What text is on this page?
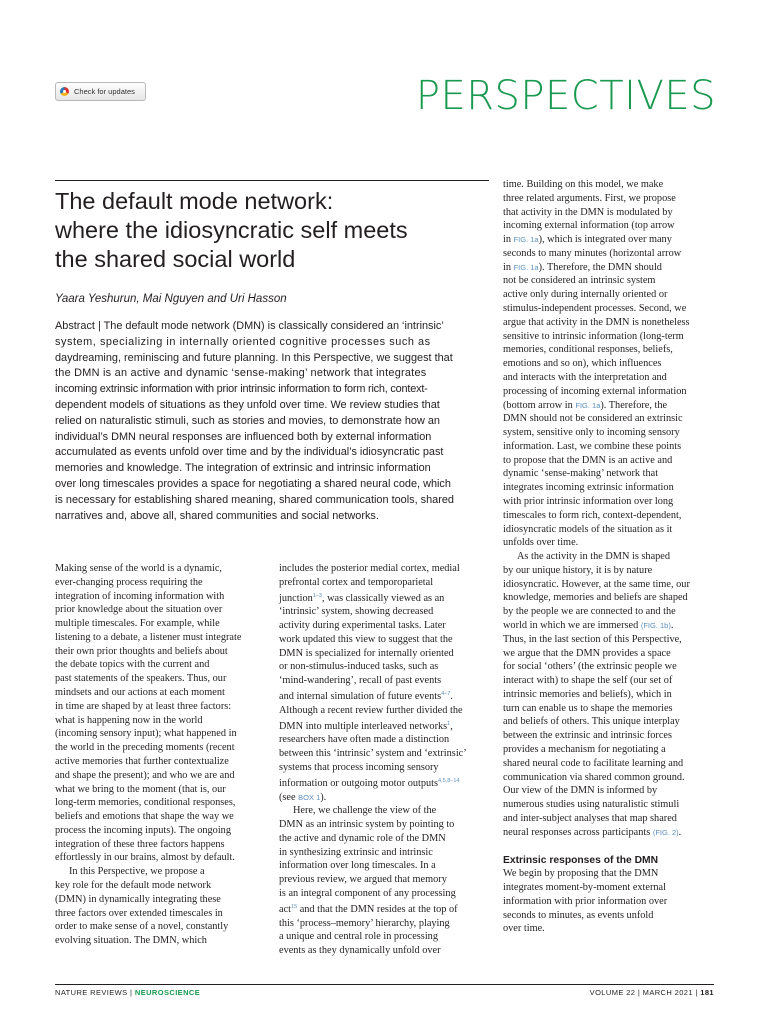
Check for updates	PERSPECTIVES
The default mode network:
where the idiosyncratic self meets
the shared social world
Yaara Yeshurun, Mai Nguyen and Uri Hasson
Abstract | The default mode network (DMN) is classically considered an ‘intrinsic’
system, specializing in internally oriented cognitive processes such as
daydreaming, reminiscing and future planning. In this Perspective, we suggest that
the DMN is an active and dynamic ‘sense-making’ network that integrates
incoming extrinsic information with prior intrinsic information to form rich, context-
dependent models of situations as they unfold over time. We review studies that
relied on naturalistic stimuli, such as stories and movies, to demonstrate how an
individual’s DMN neural responses are influenced both by external information
accumulated as events unfold over time and by the individual’s idiosyncratic past
memories and knowledge. The integration of extrinsic and intrinsic information
over long timescales provides a space for negotiating a shared neural code, which
is necessary for establishing shared meaning, shared communication tools, shared
narratives and, above all, shared communities and social networks.
Making sense of the world is a dynamic,
ever-changing process requiring the
integration of incoming information with
prior knowledge about the situation over
multiple timescales. For example, while
listening to a debate, a listener must integrate
their own prior thoughts and beliefs about
the debate topics with the current and
past statements of the speakers. Thus, our
mindsets and our actions at each moment
in time are shaped by at least three factors:
what is happening now in the world
(incoming sensory input); what happened in
the world in the preceding moments (recent
active memories that further contextualize
and shape the present); and who we are and
what we bring to the moment (that is, our
long-term memories, conditional responses,
beliefs and emotions that shape the way we
process the incoming inputs). The ongoing
integration of these three factors happens
effortlessly in our brains, almost by default.
In this Perspective, we propose a
key role for the default mode network
(DMN) in dynamically integrating these
three factors over extended timescales in
order to make sense of a novel, constantly
evolving situation. The DMN, which
includes the posterior medial cortex, medial
prefrontal cortex and temporoparietal
junction$^{1-3}$, was classically viewed as an
‘intrinsic’ system, showing decreased
activity during experimental tasks. Later
work updated this view to suggest that the
DMN is specialized for internally oriented
or non-stimulus-induced tasks, such as
‘mind-wandering’, recall of past events
and internal simulation of future events$^{4-7}$.
Although a recent review further divided the
DMN into multiple interleaved networks$^1$,
researchers have often made a distinction
between this ‘intrinsic’ system and ‘extrinsic’
systems that process incoming sensory
information or outgoing motor outputs$^{4,5,8-14}$
(see BOX 1).
Here, we challenge the view of the
DMN as an intrinsic system by pointing to
the active and dynamic role of the DMN
in synthesizing extrinsic and intrinsic
information over long timescales. In a
previous review, we argued that memory
is an integral component of any processing
act$^{15}$ and that the DMN resides at the top of
this ‘process–memory’ hierarchy, playing
a unique and central role in processing
events as they dynamically unfold over
time. Building on this model, we make
three related arguments. First, we propose
that activity in the DMN is modulated by
incoming external information (top arrow
in FIG. 1a), which is integrated over many
seconds to many minutes (horizontal arrow
in FIG. 1a). Therefore, the DMN should
not be considered an intrinsic system
active only during internally oriented or
stimulus-independent processes. Second, we
argue that activity in the DMN is nonetheless
sensitive to intrinsic information (long-term
memories, conditional responses, beliefs,
emotions and so on), which influences
and interacts with the interpretation and
processing of incoming external information
(bottom arrow in FIG. 1a). Therefore, the
DMN should not be considered an extrinsic
system, sensitive only to incoming sensory
information. Last, we combine these points
to propose that the DMN is an active and
dynamic ‘sense-making’ network that
integrates incoming extrinsic information
with prior intrinsic information over long
timescales to form rich, context-dependent,
idiosyncratic models of the situation as it
unfolds over time.
As the activity in the DMN is shaped
by our unique history, it is by nature
idiosyncratic. However, at the same time, our
knowledge, memories and beliefs are shaped
by the people we are connected to and the
world in which we are immersed (FIG. 1b).
Thus, in the last section of this Perspective,
we argue that the DMN provides a space
for social ‘others’ (the extrinsic people we
interact with) to shape the self (our set of
intrinsic memories and beliefs), which in
turn can enable us to shape the memories
and beliefs of others. This unique interplay
between the extrinsic and intrinsic forces
provides a mechanism for negotiating a
shared neural code to facilitate learning and
communication via shared common ground.
Our view of the DMN is informed by
numerous studies using naturalistic stimuli
and inter-subject analyses that map shared
neural responses across participants (FIG. 2).
Extrinsic responses of the DMN
We begin by proposing that the DMN
integrates moment-by-moment external
information with prior information over
seconds to minutes, as events unfold
over time.
NATURE REVIEWS | NEUROSCIENCE	VOLUME 22 | MARCH 2021 | 181
